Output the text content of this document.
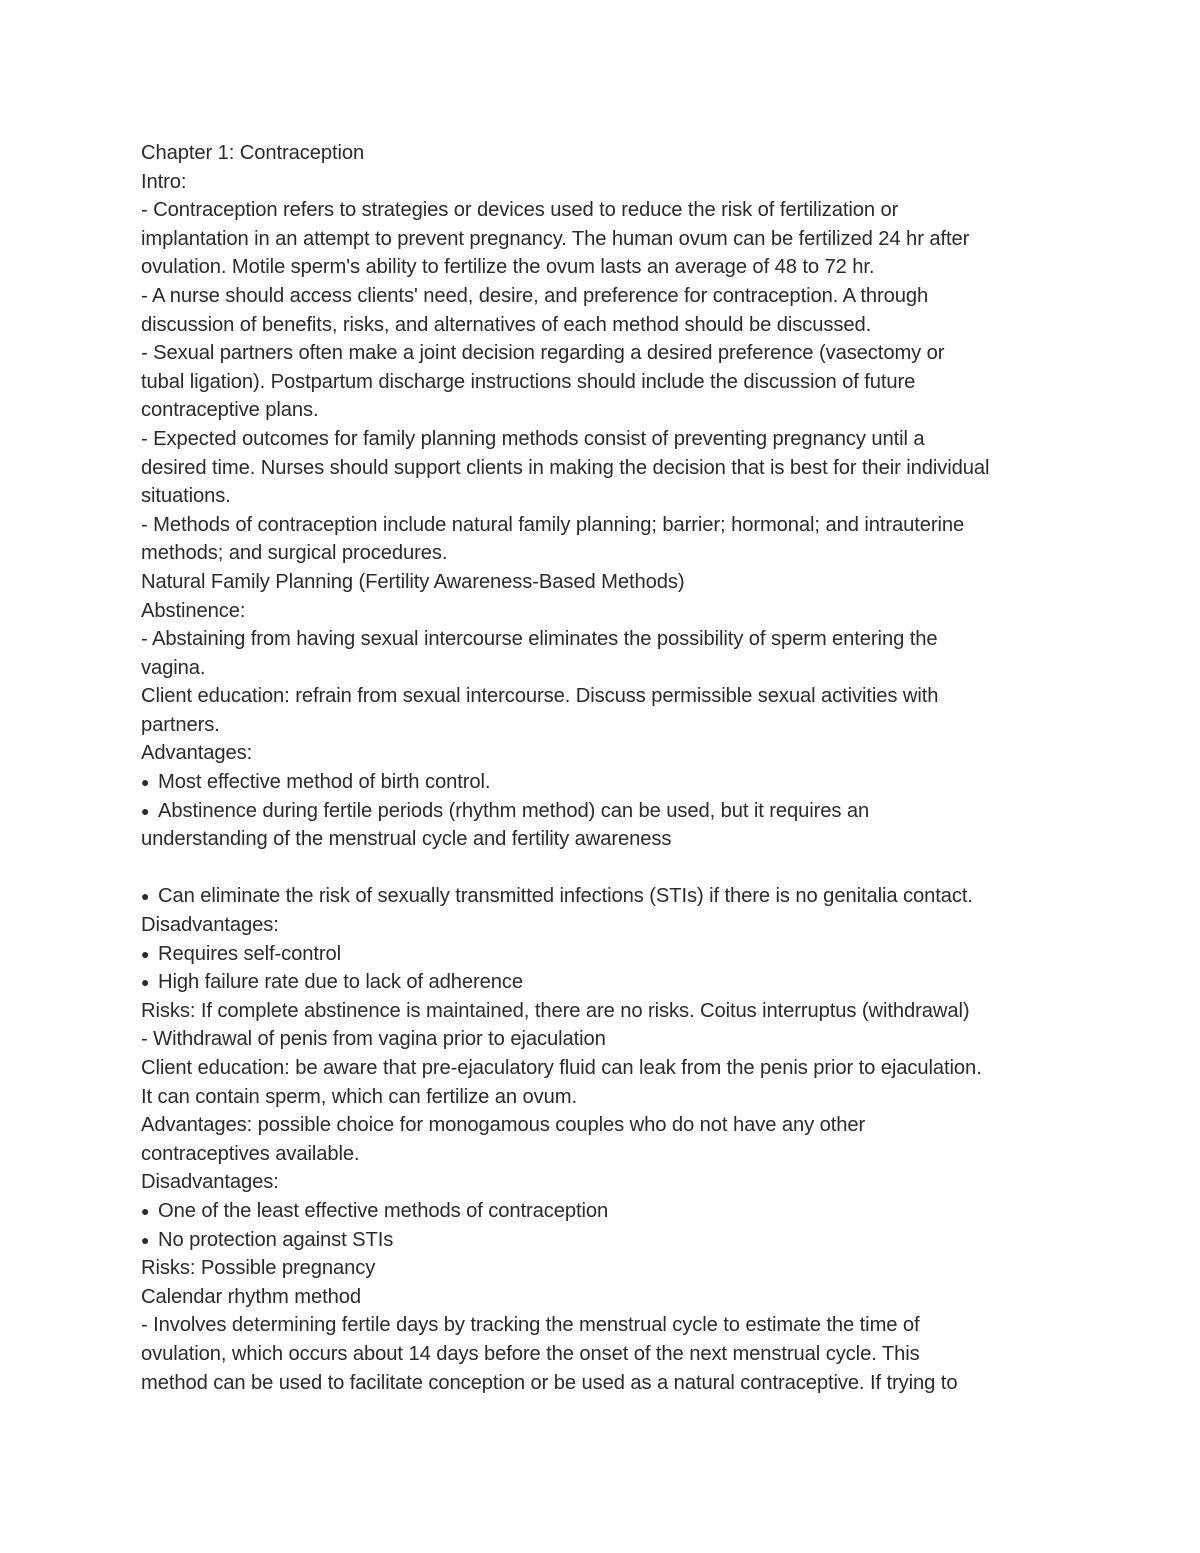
Chapter 1: Contraception

Intro:

- Contraception refers to strategies or devices used to reduce the risk of fertilization or

implantation in an attempt to prevent pregnancy. The human ovum can be fertilized 24 hr after

ovulation. Motile sperm's ability to fertilize the ovum lasts an average of 48 to 72 hr.

- A nurse should access clients' need, desire, and preference for contraception. A through

discussion of benefits, risks, and alternatives of each method should be discussed.

- Sexual partners often make a joint decision regarding a desired preference (vasectomy or

tubal ligation). Postpartum discharge instructions should include the discussion of future

contraceptive plans.

- Expected outcomes for family planning methods consist of preventing pregnancy until a

desired time. Nurses should support clients in making the decision that is best for their individual

situations.

- Methods of contraception include natural family planning; barrier; hormonal; and intrauterine

methods; and surgical procedures.

Natural Family Planning (Fertility Awareness-Based Methods)

Abstinence:

- Abstaining from having sexual intercourse eliminates the possibility of sperm entering the

vagina.

Client education: refrain from sexual intercourse. Discuss permissible sexual activities with

partners.

Advantages:

● Most effective method of birth control.

● Abstinence during fertile periods (rhythm method) can be used, but it requires an

understanding of the menstrual cycle and fertility awareness

● Can eliminate the risk of sexually transmitted infections (STIs) if there is no genitalia contact.

Disadvantages:

● Requires self-control

● High failure rate due to lack of adherence

Risks: If complete abstinence is maintained, there are no risks. Coitus interruptus (withdrawal)

- Withdrawal of penis from vagina prior to ejaculation

Client education: be aware that pre-ejaculatory fluid can leak from the penis prior to ejaculation.

It can contain sperm, which can fertilize an ovum.

Advantages: possible choice for monogamous couples who do not have any other

contraceptives available.

Disadvantages:

● One of the least effective methods of contraception

● No protection against STIs

Risks: Possible pregnancy

Calendar rhythm method

- Involves determining fertile days by tracking the menstrual cycle to estimate the time of

ovulation, which occurs about 14 days before the onset of the next menstrual cycle. This

method can be used to facilitate conception or be used as a natural contraceptive. If trying to
